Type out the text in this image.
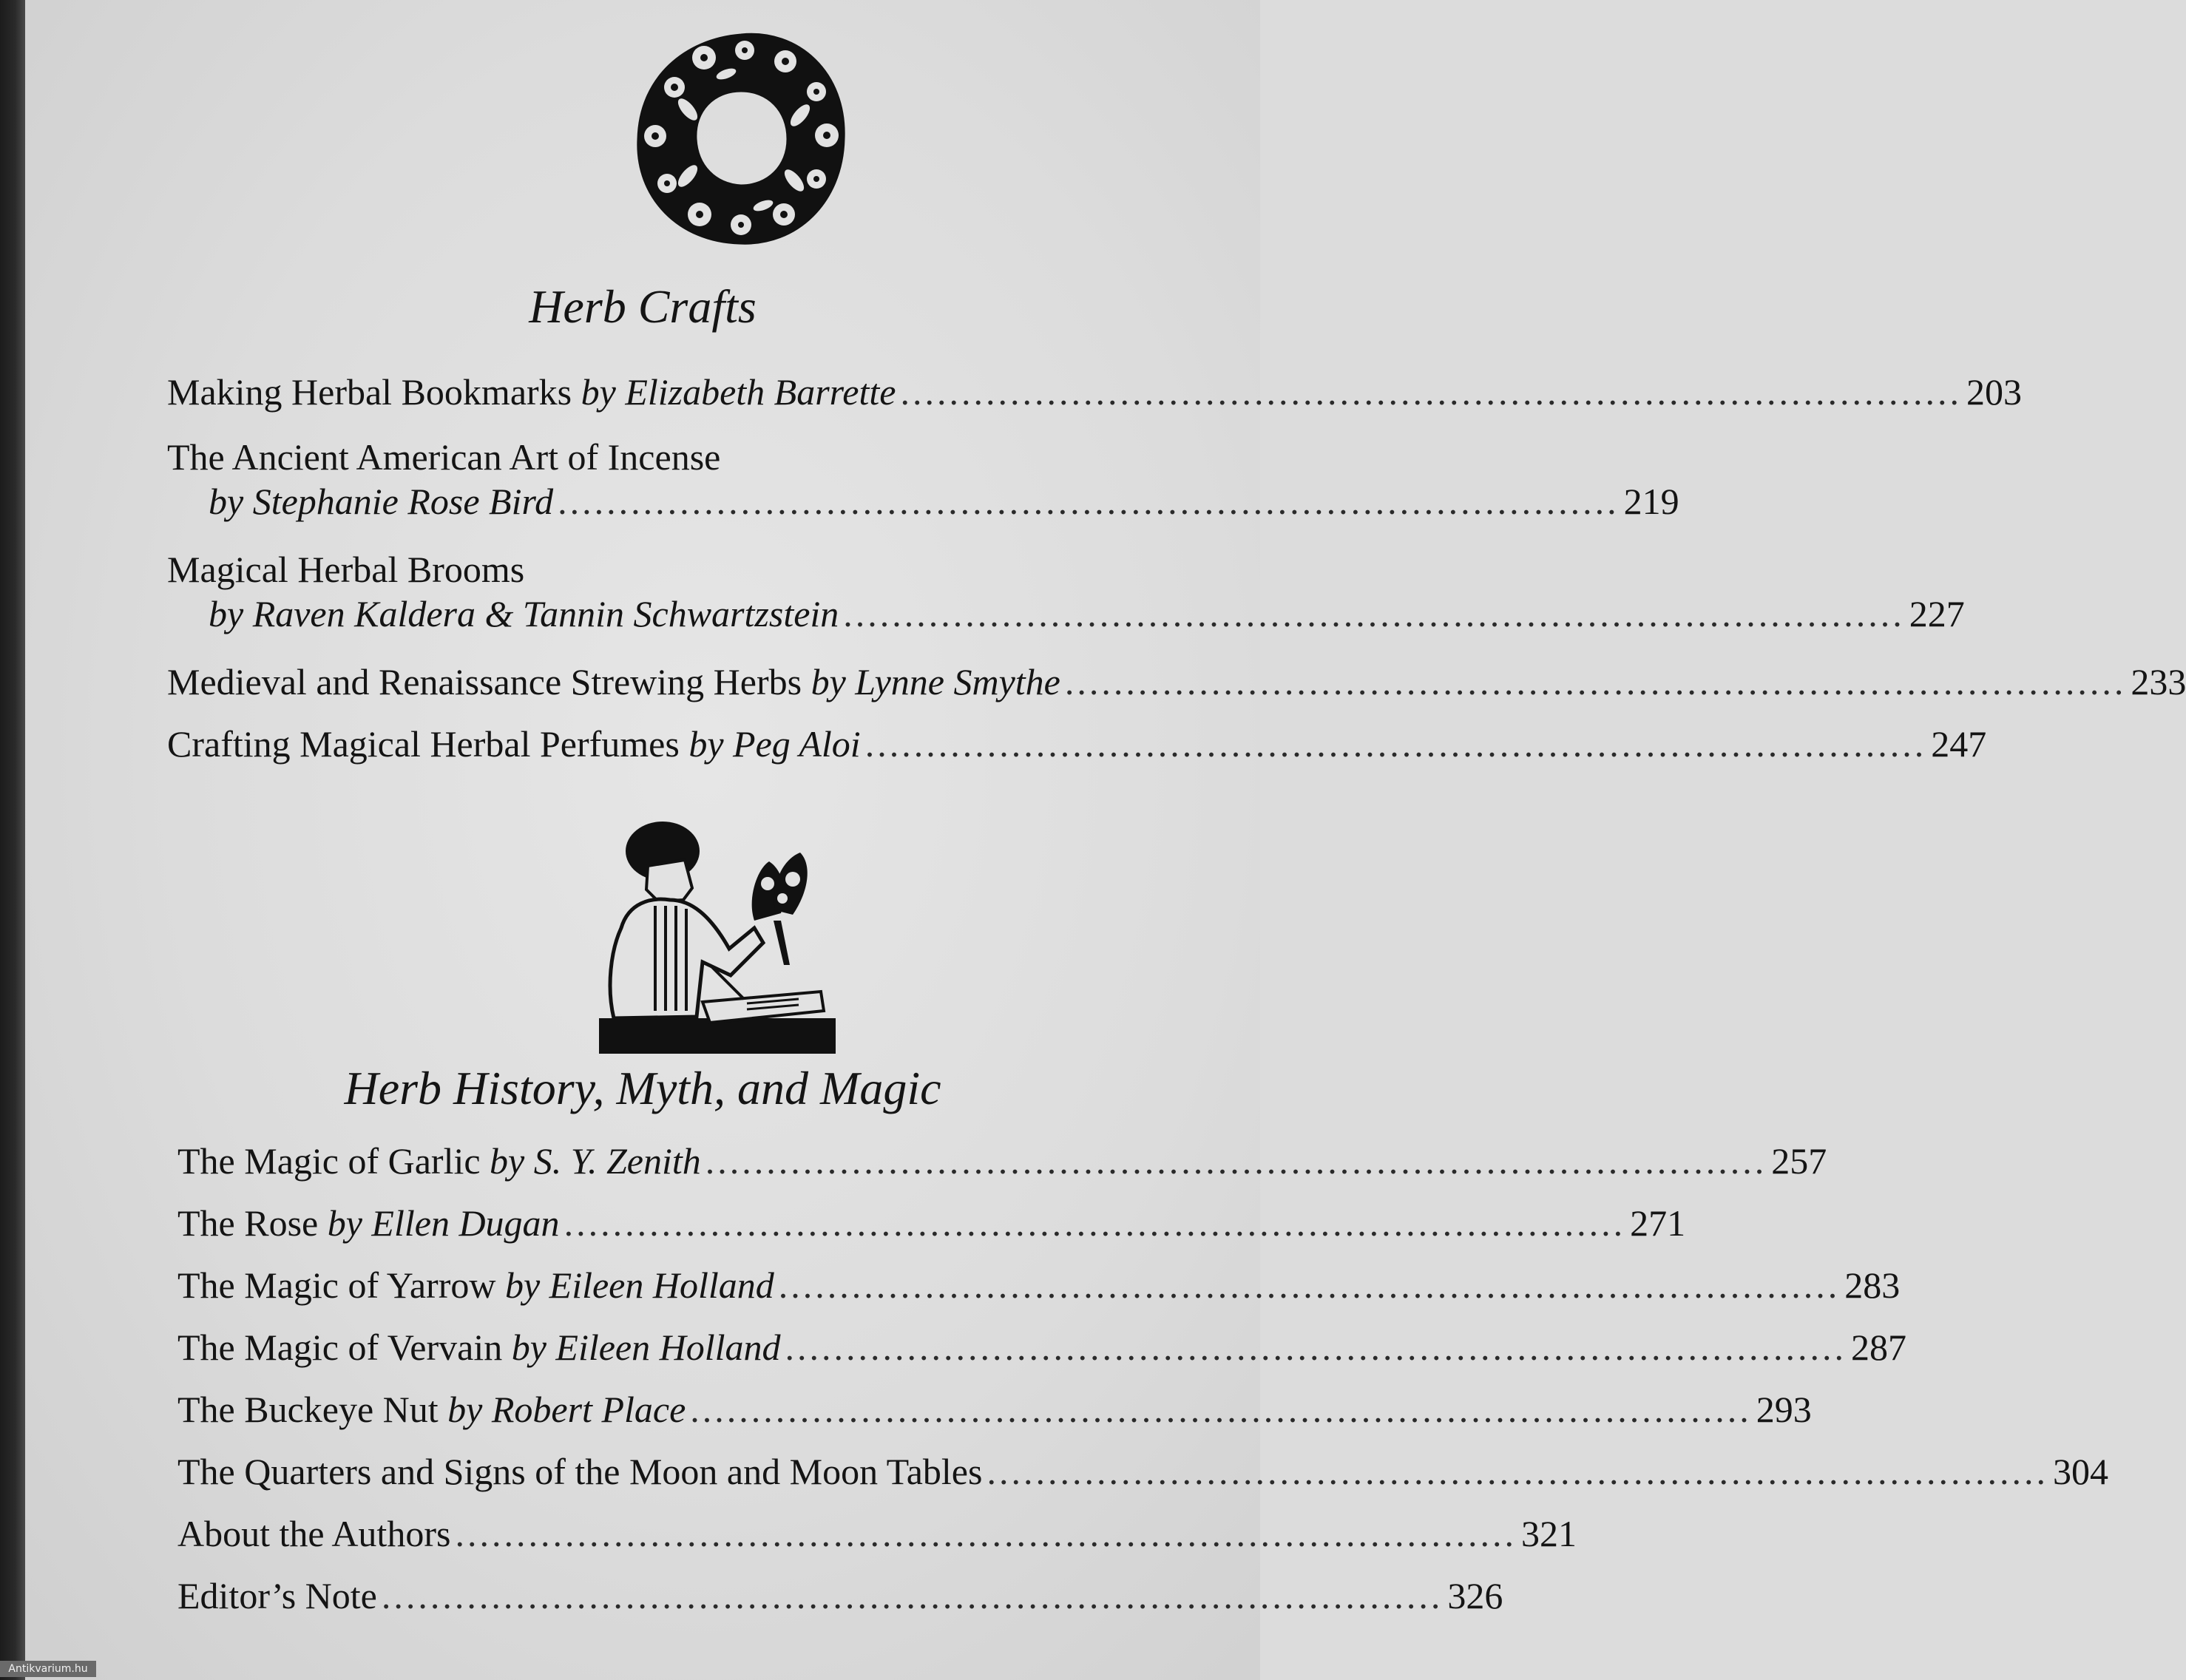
Herb Crafts
Making Herbal Bookmarks
by Elizabeth Barrette ....................................................................................... 203
The Ancient American Art of Incense
by Stephanie Rose Bird ....................................................................................... 219
Magical Herbal Brooms
by Raven Kaldera & Tannin Schwartzstein ....................................................................................... 227
Medieval and Renaissance Strewing Herbs
by Lynne Smythe ....................................................................................... 233
Crafting Magical Herbal Perfumes
by Peg Aloi ....................................................................................... 247
Herb History, Myth, and Magic
The Magic of Garlic
by S. Y. Zenith ....................................................................................... 257
The Rose
by Ellen Dugan ....................................................................................... 271
The Magic of Yarrow
by Eileen Holland ....................................................................................... 283
The Magic of Vervain
by Eileen Holland ....................................................................................... 287
The Buckeye Nut
by Robert Place ....................................................................................... 293
The Quarters and Signs of the Moon and Moon Tables ....................................................................................... 304
About the Authors ....................................................................................... 321
Editor’s Note ....................................................................................... 326
Antikvarium.hu
